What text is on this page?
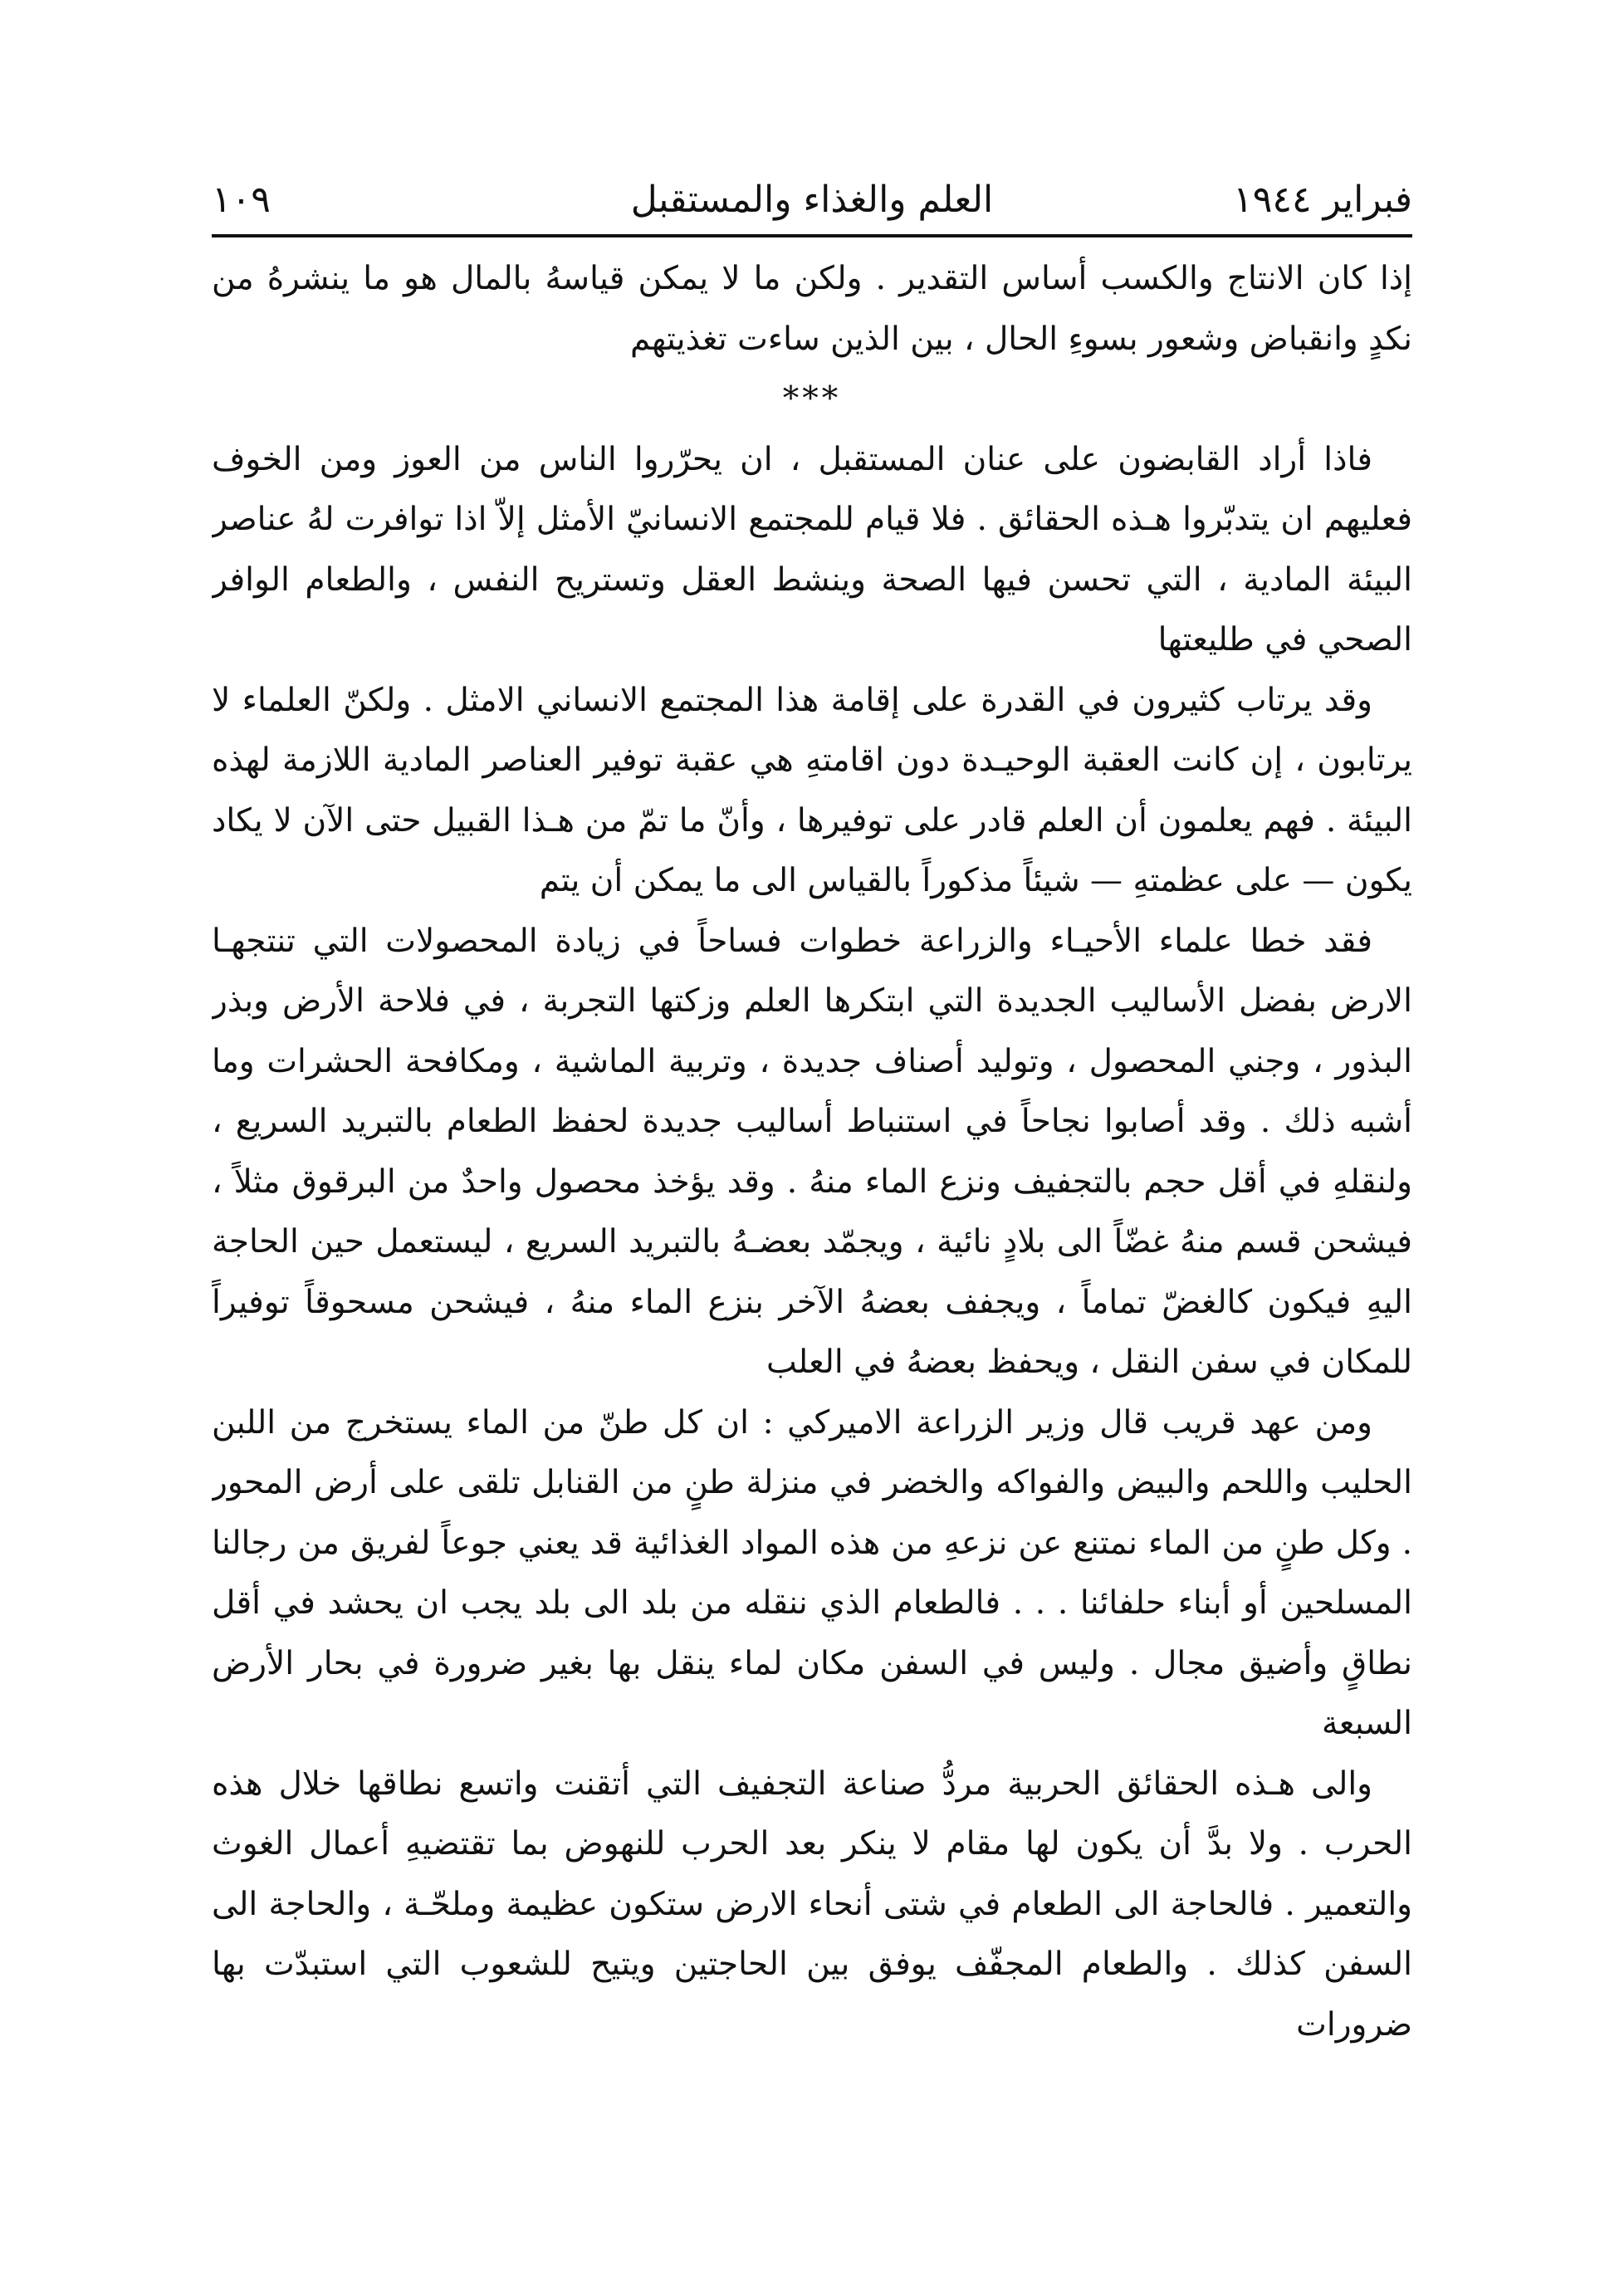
فبراير ١٩٤٤
العلم والغذاء والمستقبل
١٠٩

إذا كان الانتاج والكسب أساس التقدير . ولكن ما لا يمكن قياسهُ بالمال هو ما ينشرهُ من نكدٍ وانقباض وشعور بسوءِ الحال ، بين الذين ساءت تغذيتهم

***

فاذا أراد القابضون على عنان المستقبل ، ان يحرّروا الناس من العوز ومن الخوف فعليهم ان يتدبّروا هـذه الحقائق . فلا قيام للمجتمع الانسانيّ الأمثل إلاّ اذا توافرت لهُ عناصر البيئة المادية ، التي تحسن فيها الصحة وينشط العقل وتستريح النفس ، والطعام الوافر الصحي في طليعتها

وقد يرتاب كثيرون في القدرة على إقامة هذا المجتمع الانساني الامثل . ولكنّ العلماء لا يرتابون ، إن كانت العقبة الوحيـدة دون اقامتهِ هي عقبة توفير العناصر المادية اللازمة لهذه البيئة . فهم يعلمون أن العلم قادر على توفيرها ، وأنّ ما تمّ من هـذا القبيل حتى الآن لا يكاد يكون — على عظمتهِ — شيئاً مذكوراً بالقياس الى ما يمكن أن يتم

فقد خطا علماء الأحيـاء والزراعة خطوات فساحاً في زيادة المحصولات التي تنتجهـا الارض بفضل الأساليب الجديدة التي ابتكرها العلم وزكتها التجربة ، في فلاحة الأرض وبذر البذور ، وجني المحصول ، وتوليد أصناف جديدة ، وتربية الماشية ، ومكافحة الحشرات وما أشبه ذلك . وقد أصابوا نجاحاً في استنباط أساليب جديدة لحفظ الطعام بالتبريد السريع ، ولنقلهِ في أقل حجم بالتجفيف ونزع الماء منهُ . وقد يؤخذ محصول واحدٌ من البرقوق مثلاً ، فيشحن قسم منهُ غضّاً الى بلادٍ نائية ، ويجمّد بعضـهُ بالتبريد السريع ، ليستعمل حين الحاجة اليهِ فيكون كالغضّ تماماً ، ويجفف بعضهُ الآخر بنزع الماء منهُ ، فيشحن مسحوقاً توفيراً للمكان في سفن النقل ، ويحفظ بعضهُ في العلب

ومن عهد قريب قال وزير الزراعة الاميركي : ان كل طنّ من الماء يستخرج من اللبن الحليب واللحم والبيض والفواكه والخضر في منزلة طنٍ من القنابل تلقى على أرض المحور . وكل طنٍ من الماء نمتنع عن نزعهِ من هذه المواد الغذائية قد يعني جوعاً لفريق من رجالنا المسلحين أو أبناء حلفائنا . . . فالطعام الذي ننقله من بلد الى بلد يجب ان يحشد في أقل نطاقٍ وأضيق مجال . وليس في السفن مكان لماء ينقل بها بغير ضرورة في بحار الأرض السبعة

والى هـذه الحقائق الحربية مردُّ صناعة التجفيف التي أتقنت واتسع نطاقها خلال هذه الحرب . ولا بدَّ أن يكون لها مقام لا ينكر بعد الحرب للنهوض بما تقتضيهِ أعمال الغوث والتعمير . فالحاجة الى الطعام في شتى أنحاء الارض ستكون عظيمة وملحّـة ، والحاجة الى السفن كذلك . والطعام المجفّف يوفق بين الحاجتين ويتيح للشعوب التي استبدّت بها ضرورات
